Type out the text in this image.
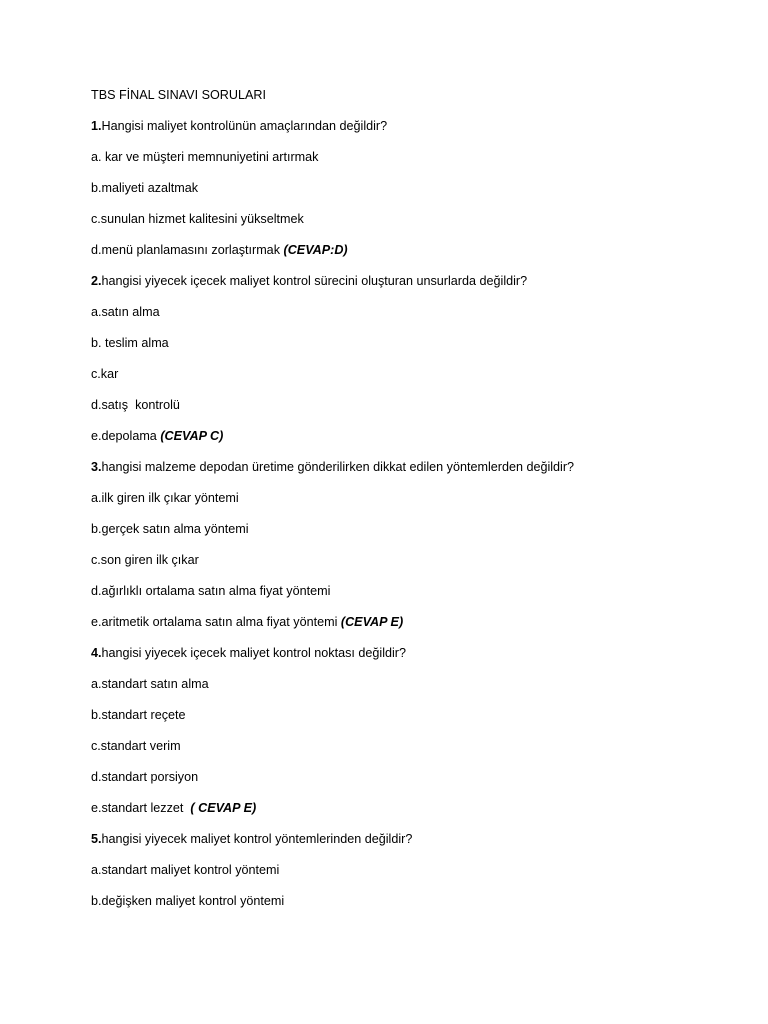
TBS FİNAL SINAVI SORULARI
1.Hangisi maliyet kontrolünün amaçlarından değildir?
a. kar ve müşteri memnuniyetini artırmak
b.maliyeti azaltmak
c.sunulan hizmet kalitesini yükseltmek
d.menü planlamasını zorlaştırmak (CEVAP:D)
2.hangisi yiyecek içecek maliyet kontrol sürecini oluşturan unsurlarda değildir?
a.satın alma
b. teslim alma
c.kar
d.satış  kontrolü
e.depolama (CEVAP C)
3.hangisi malzeme depodan üretime gönderilirken dikkat edilen yöntemlerden değildir?
a.ilk giren ilk çıkar yöntemi
b.gerçek satın alma yöntemi
c.son giren ilk çıkar
d.ağırlıklı ortalama satın alma fiyat yöntemi
e.aritmetik ortalama satın alma fiyat yöntemi (CEVAP E)
4.hangisi yiyecek içecek maliyet kontrol noktası değildir?
a.standart satın alma
b.standart reçete
c.standart verim
d.standart porsiyon
e.standart lezzet  ( CEVAP E)
5.hangisi yiyecek maliyet kontrol yöntemlerinden değildir?
a.standart maliyet kontrol yöntemi
b.değişken maliyet kontrol yöntemi
